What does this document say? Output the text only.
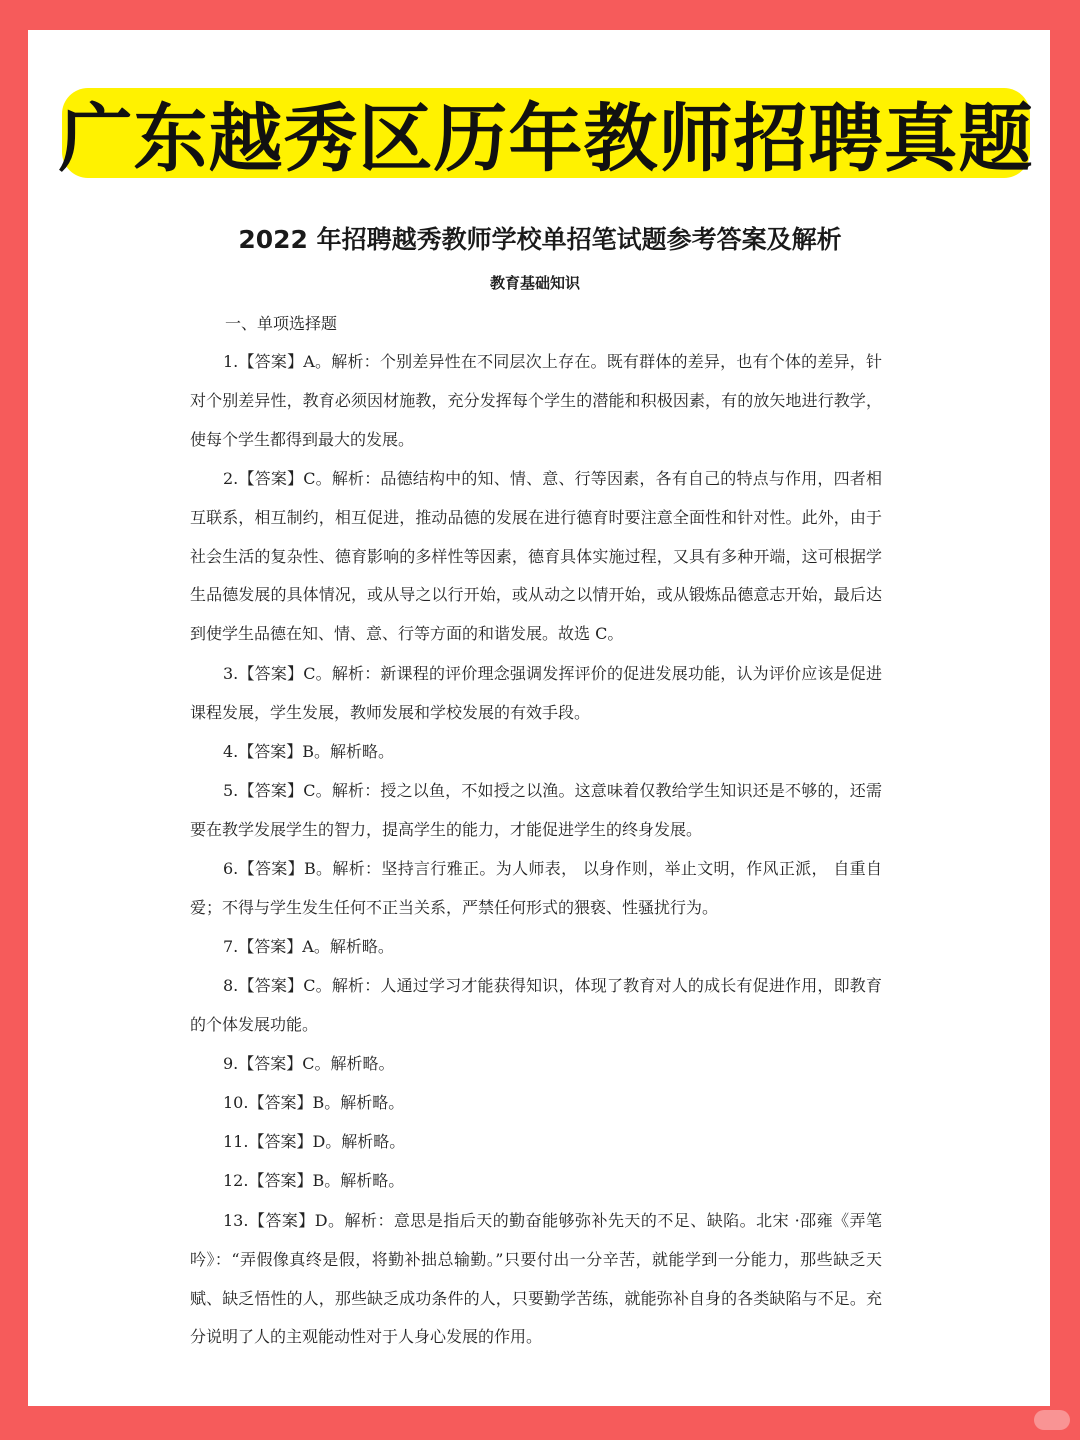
广东越秀区历年教师招聘真题
2022 年招聘越秀教师学校单招笔试题参考答案及解析
教育基础知识
一、单项选择题

1.【答案】A。解析：个别差异性在不同层次上存在。既有群体的差异，也有个体的差异，针对个别差异性，教育必须因材施教，充分发挥每个学生的潜能和积极因素，有的放矢地进行教学，使每个学生都得到最大的发展。

2.【答案】C。解析：品德结构中的知、情、意、行等因素，各有自己的特点与作用，四者相互联系，相互制约，相互促进，推动品德的发展在进行德育时要注意全面性和针对性。此外，由于社会生活的复杂性、德育影响的多样性等因素，德育具体实施过程，又具有多种开端，这可根据学生品德发展的具体情况，或从导之以行开始，或从动之以情开始，或从锻炼品德意志开始，最后达到使学生品德在知、情、意、行等方面的和谐发展。故选 C。

3.【答案】C。解析：新课程的评价理念强调发挥评价的促进发展功能，认为评价应该是促进课程发展，学生发展，教师发展和学校发展的有效手段。

4.【答案】B。解析略。

5.【答案】C。解析：授之以鱼，不如授之以渔。这意味着仅教给学生知识还是不够的，还需要在教学发展学生的智力，提高学生的能力，才能促进学生的终身发展。

6.【答案】B。解析：坚持言行雅正。为人师表， 以身作则，举止文明，作风正派， 自重自爱；不得与学生发生任何不正当关系，严禁任何形式的猥亵、性骚扰行为。

7.【答案】A。解析略。

8.【答案】C。解析：人通过学习才能获得知识，体现了教育对人的成长有促进作用，即教育的个体发展功能。

9.【答案】C。解析略。

10.【答案】B。解析略。

11.【答案】D。解析略。

12.【答案】B。解析略。

13.【答案】D。解析：意思是指后天的勤奋能够弥补先天的不足、缺陷。北宋 ·邵雍《弄笔吟》：“弄假像真终是假，将勤补拙总输勤。”只要付出一分辛苦，就能学到一分能力，那些缺乏天赋、缺乏悟性的人，那些缺乏成功条件的人，只要勤学苦练，就能弥补自身的各类缺陷与不足。充分说明了人的主观能动性对于人身心发展的作用。
